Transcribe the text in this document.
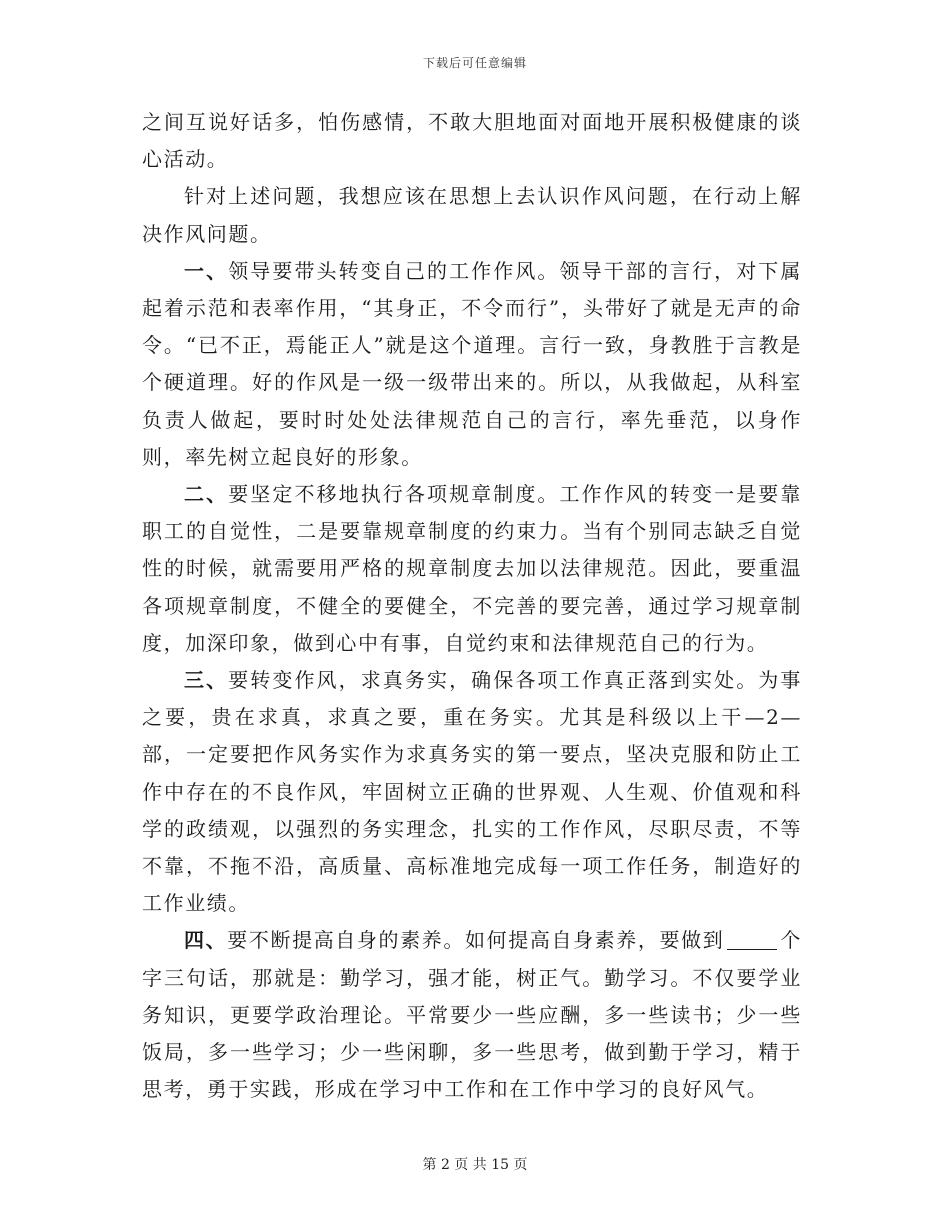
下载后可任意编辑

之间互说好话多，怕伤感情，不敢大胆地面对面地开展积极健康的谈心活动。

针对上述问题，我想应该在思想上去认识作风问题，在行动上解决作风问题。

一、领导要带头转变自己的工作作风。领导干部的言行，对下属起着示范和表率作用，“其身正，不令而行”，头带好了就是无声的命令。“已不正，焉能正人”就是这个道理。言行一致，身教胜于言教是个硬道理。好的作风是一级一级带出来的。所以，从我做起，从科室负责人做起，要时时处处法律规范自己的言行，率先垂范，以身作则，率先树立起良好的形象。

二、要坚定不移地执行各项规章制度。工作作风的转变一是要靠职工的自觉性，二是要靠规章制度的约束力。当有个别同志缺乏自觉性的时候，就需要用严格的规章制度去加以法律规范。因此，要重温各项规章制度，不健全的要健全，不完善的要完善，通过学习规章制度，加深印象，做到心中有事，自觉约束和法律规范自己的行为。

三、要转变作风，求真务实，确保各项工作真正落到实处。为事之要，贵在求真，求真之要，重在务实。尤其是科级以上干—2—部，一定要把作风务实作为求真务实的第一要点，坚决克服和防止工作中存在的不良作风，牢固树立正确的世界观、人生观、价值观和科学的政绩观，以强烈的务实理念，扎实的工作作风，尽职尽责，不等不靠，不拖不沿，高质量、高标准地完成每一项工作任务，制造好的工作业绩。

四、要不断提高自身的素养。如何提高自身素养，要做到	个字三句话，那就是：勤学习，强才能，树正气。勤学习。不仅要学业务知识，更要学政治理论。平常要少一些应酬，多一些读书；少一些饭局，多一些学习；少一些闲聊，多一些思考，做到勤于学习，精于思考，勇于实践，形成在学习中工作和在工作中学习的良好风气。

第 2 页 共 15 页
